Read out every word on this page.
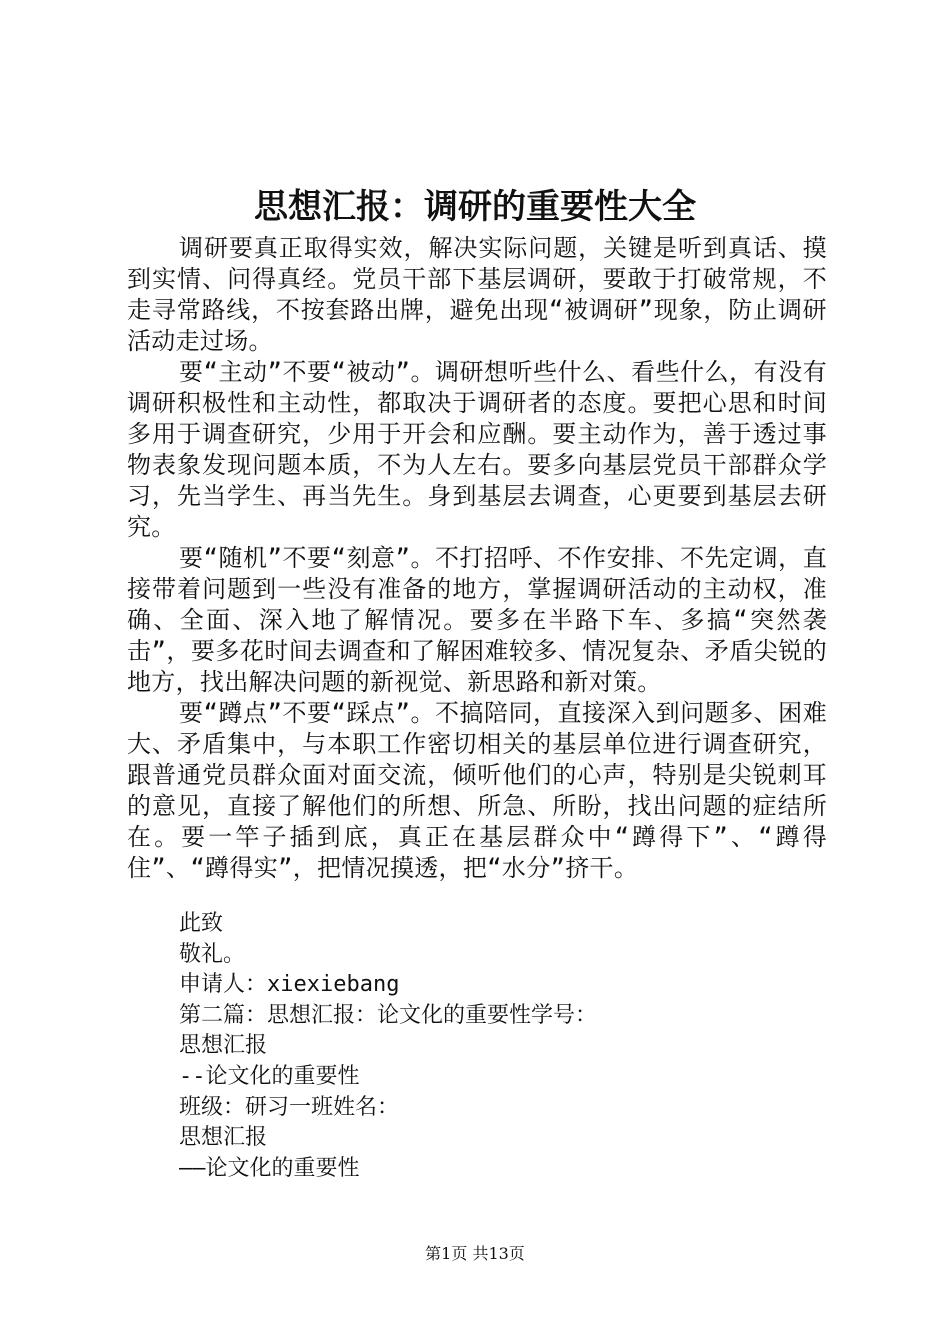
思想汇报：调研的重要性大全

调研要真正取得实效，解决实际问题，关键是听到真话、摸到实情、问得真经。党员干部下基层调研，要敢于打破常规，不走寻常路线，不按套路出牌，避免出现“被调研”现象，防止调研活动走过场。

要“主动”不要“被动”。调研想听些什么、看些什么，有没有调研积极性和主动性，都取决于调研者的态度。要把心思和时间多用于调查研究，少用于开会和应酬。要主动作为，善于透过事物表象发现问题本质，不为人左右。要多向基层党员干部群众学习，先当学生、再当先生。身到基层去调查，心更要到基层去研究。

要“随机”不要“刻意”。不打招呼、不作安排、不先定调，直接带着问题到一些没有准备的地方，掌握调研活动的主动权，准确、全面、深入地了解情况。要多在半路下车、多搞“突然袭击”，要多花时间去调查和了解困难较多、情况复杂、矛盾尖锐的地方，找出解决问题的新视觉、新思路和新对策。

要“蹲点”不要“踩点”。不搞陪同，直接深入到问题多、困难大、矛盾集中，与本职工作密切相关的基层单位进行调查研究，跟普通党员群众面对面交流，倾听他们的心声，特别是尖锐刺耳的意见，直接了解他们的所想、所急、所盼，找出问题的症结所在。要一竿子插到底，真正在基层群众中“蹲得下”、“蹲得住”、“蹲得实”，把情况摸透，把“水分”挤干。

此致

敬礼。

申请人：xiexiebang

第二篇：思想汇报：论文化的重要性学号：

思想汇报

--论文化的重要性

班级：研习一班姓名：

思想汇报

——论文化的重要性

第1页 共13页
